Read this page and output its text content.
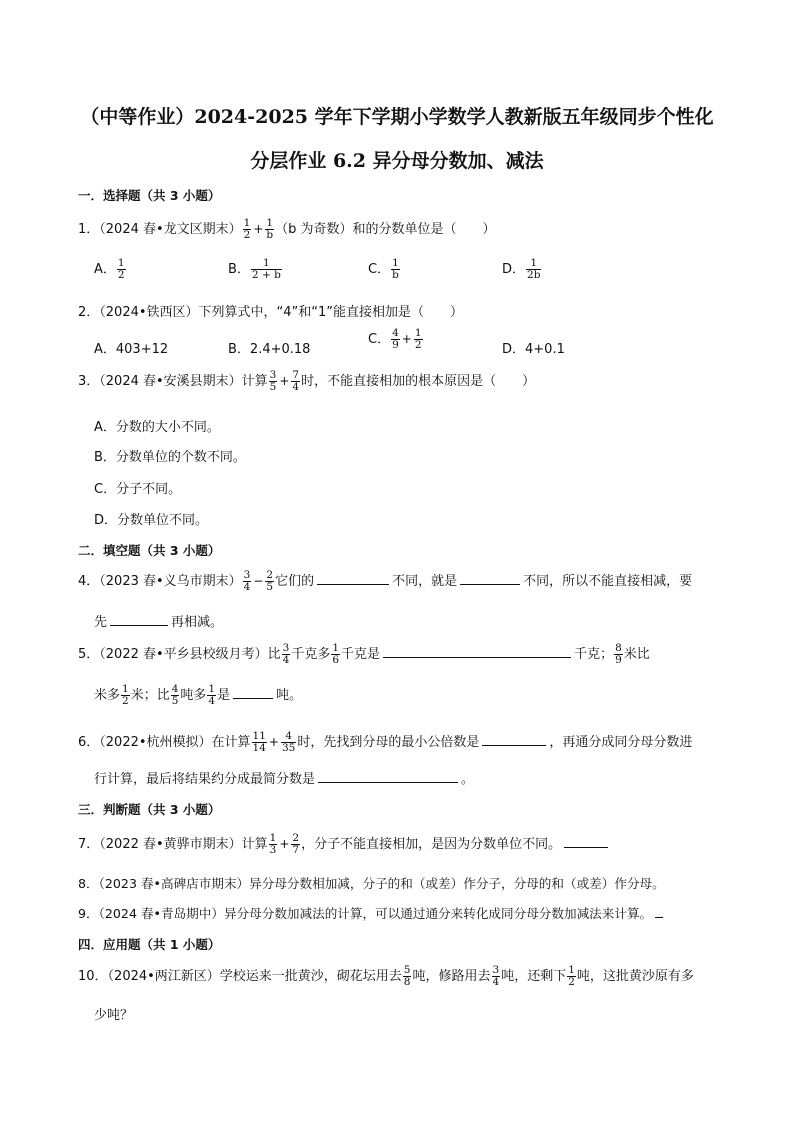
（中等作业）2024-2025 学年下学期小学数学人教新版五年级同步个性化
分层作业 6.2 异分母分数加、减法
一．选择题（共 3 小题）
1．（2024 春•龙文区期末） $\frac{1}{2} + \frac{1}{b} (b$ 为奇数）和的分数单位是（　　）
A． $\frac{1}{2}$	B． $\frac{1}{2 + b}$	C． $\frac{1}{b}$	D． $\frac{1}{2b}$
2．（2024•铁西区）下列算式中，“4”和“1”能直接相加是（　　）
A．403+12	B．2.4+0.18
C． $\frac{4}{9} + \frac{1}{2}$	D．4+0.1
3．（2024 春•安溪县期末）计算 $\frac{3}{5} + \frac{7}{4}$ 时，不能直接相加的根本原因是（　　）
A．分数的大小不同。
B．分数单位的个数不同。
C．分子不同。
D．分数单位不同。
二．填空题（共 3 小题）
4．（2023 春•义乌市期末） $\frac{3}{4} - \frac{2}{5}$ 它们的	不同，就是	不同，所以不能直接相减，要
先	再相减。
5．（2022 春•平乡县校级月考）比 $\frac{3}{4}$ 千克多 $\frac{1}{6}$ 千克是	千克； $\frac{8}{9}$ 米比
米多 $\frac{1}{2}$ 米；比 $\frac{4}{5}$ 吨多 $\frac{1}{4}$ 是	吨。
6．（2022•杭州模拟）在计算 $\frac{11}{14} + \frac{4}{35}$ 时，先找到分母的最小公倍数是	，再通分成同分母分数进
行计算，最后将结果约分成最简分数是	。
三．判断题（共 3 小题）
7．（2022 春•黄骅市期末）计算 $\frac{1}{3} + \frac{2}{7}$ ，分子不能直接相加，是因为分数单位不同。
8．（2023 春•高碑店市期末）异分母分数相加减，分子的和（或差）作分子，分母的和（或差）作分母。
9．（2024 春•青岛期中）异分母分数加减法的计算，可以通过通分来转化成同分母分数加减法来计算。
四．应用题（共 1 小题）
10．（2024•两江新区）学校运来一批黄沙，砌花坛用去 $\frac{5}{8}$ 吨，修路用去 $\frac{3}{4}$ 吨，还剩下 $\frac{1}{2}$ 吨，这批黄沙原有多
少吨？
